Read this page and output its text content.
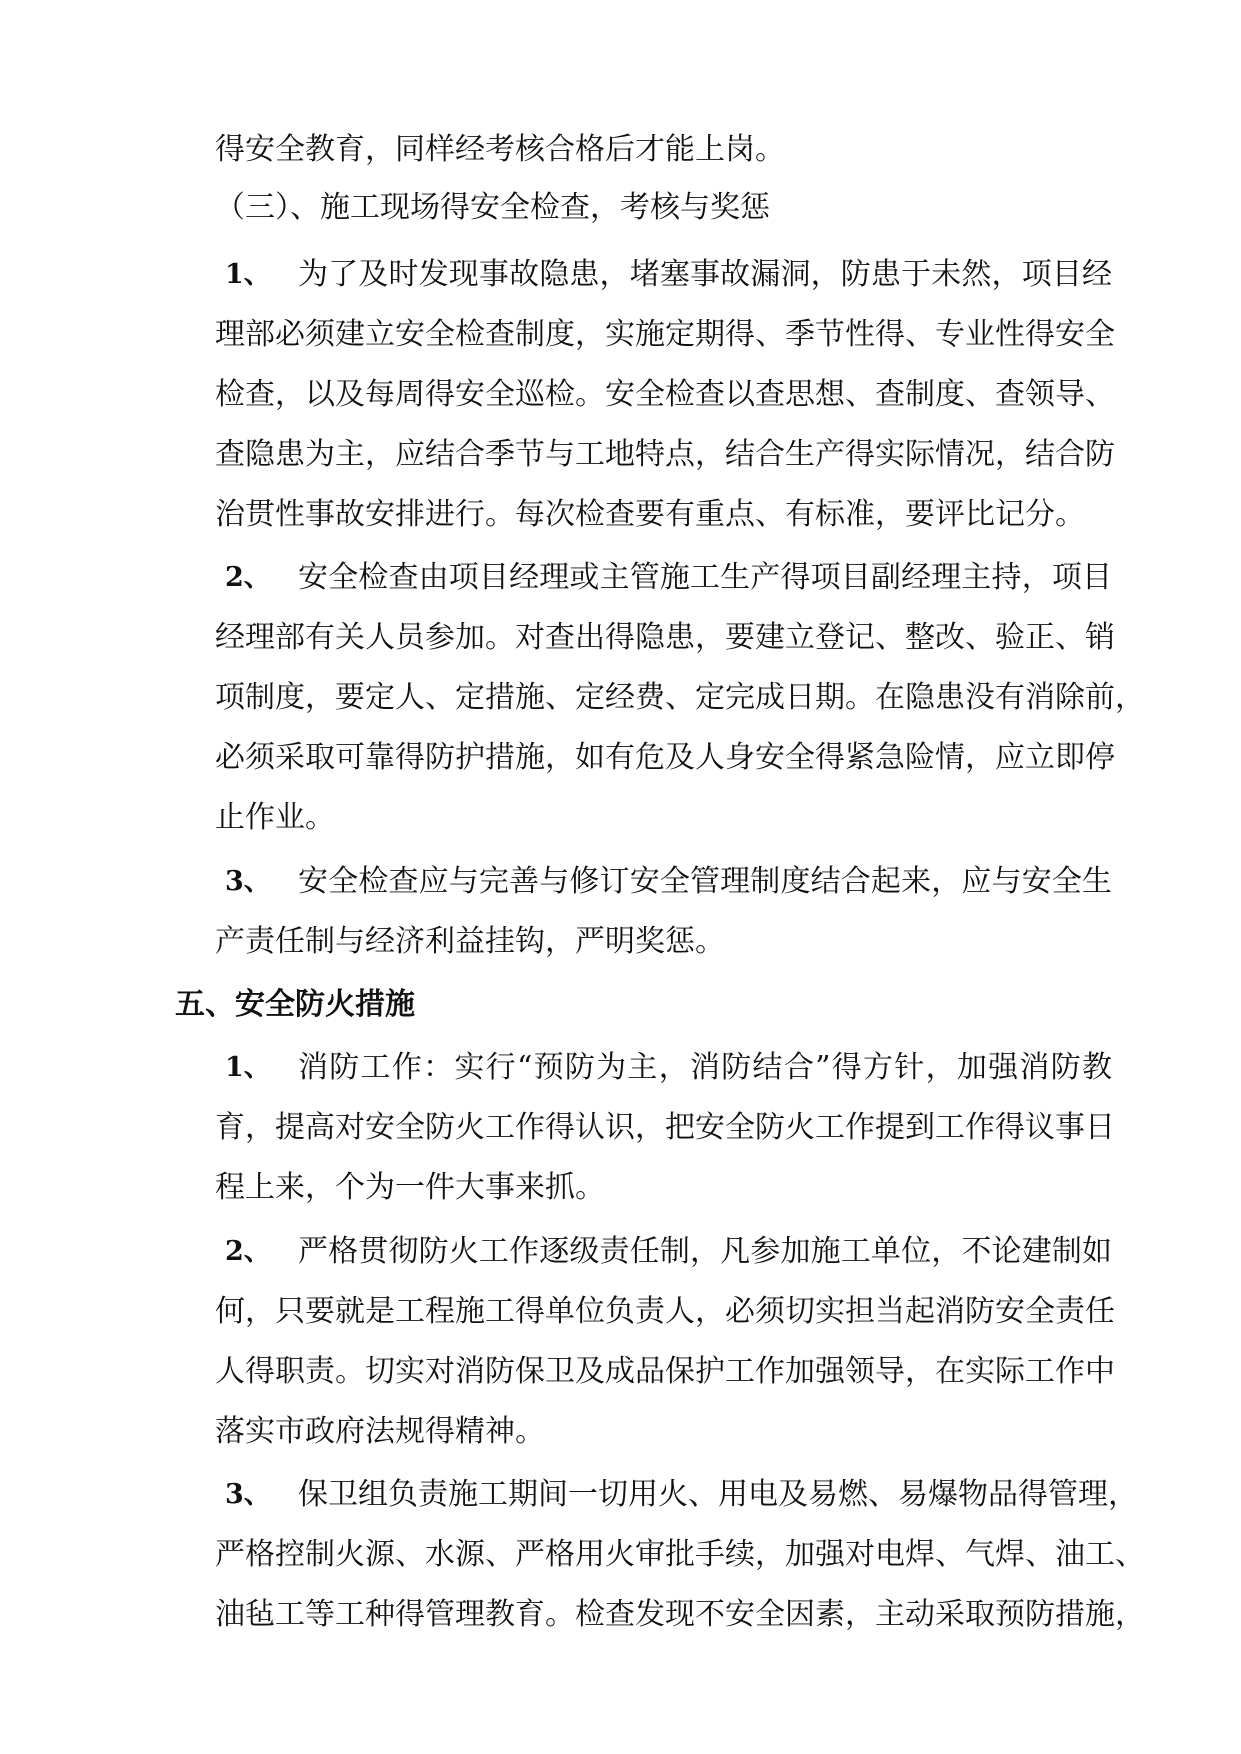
得安全教育，同样经考核合格后才能上岗。
（三）、施工现场得安全检查，考核与奖惩
1、 为了及时发现事故隐患，堵塞事故漏洞，防患于未然，项目经
理部必须建立安全检查制度，实施定期得、季节性得、专业性得安全
检查，以及每周得安全巡检。安全检查以查思想、查制度、查领导、
查隐患为主，应结合季节与工地特点，结合生产得实际情况，结合防
治贯性事故安排进行。每次检查要有重点、有标准，要评比记分。
2、 安全检查由项目经理或主管施工生产得项目副经理主持，项目
经理部有关人员参加。对查出得隐患，要建立登记、整改、验正、销
项制度，要定人、定措施、定经费、定完成日期。在隐患没有消除前，
必须采取可靠得防护措施，如有危及人身安全得紧急险情，应立即停
止作业。
3、 安全检查应与完善与修订安全管理制度结合起来，应与安全生
产责任制与经济利益挂钩，严明奖惩。
五、安全防火措施
1、 消防工作：实行“预防为主，消防结合”得方针，加强消防教
育，提高对安全防火工作得认识，把安全防火工作提到工作得议事日
程上来，个为一件大事来抓。
2、 严格贯彻防火工作逐级责任制，凡参加施工单位，不论建制如
何，只要就是工程施工得单位负责人，必须切实担当起消防安全责任
人得职责。切实对消防保卫及成品保护工作加强领导，在实际工作中
落实市政府法规得精神。
3、 保卫组负责施工期间一切用火、用电及易燃、易爆物品得管理，
严格控制火源、水源、严格用火审批手续，加强对电焊、气焊、油工、
油毡工等工种得管理教育。检查发现不安全因素，主动采取预防措施，
